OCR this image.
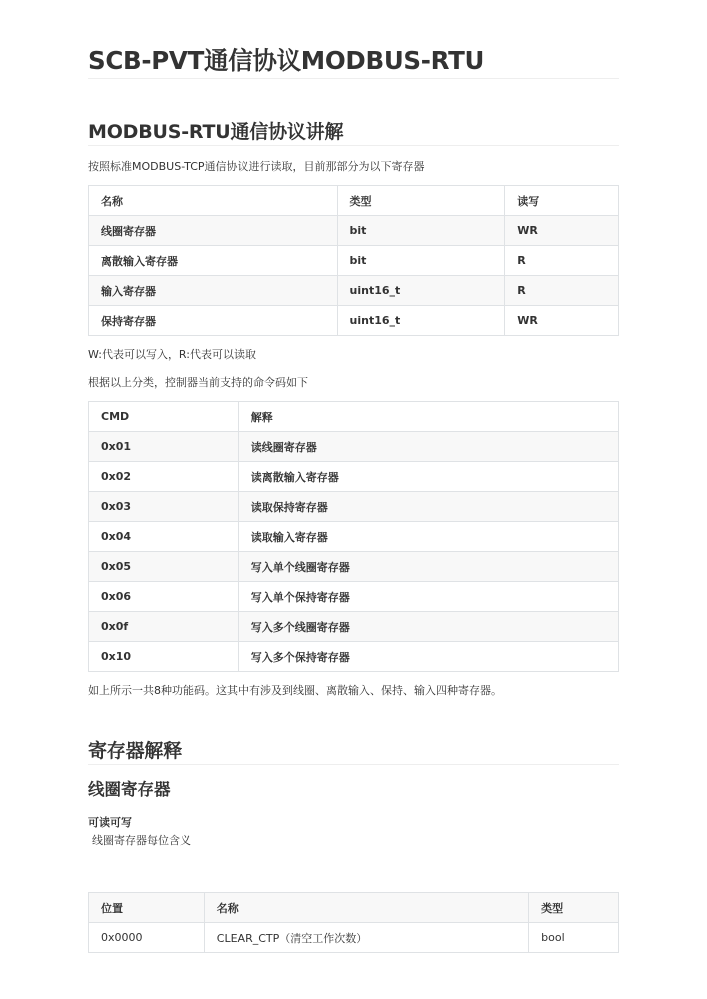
SCB-PVT通信协议MODBUS-RTU
MODBUS-RTU通信协议讲解

按照标准MODBUS-TCP通信协议进行读取，目前那部分为以下寄存器

名称	类型	读写
线圈寄存器	bit	WR
离散输入寄存器	bit	R
输入寄存器	uint16_t	R
保持寄存器	uint16_t	WR

W:代表可以写入，R:代表可以读取

根据以上分类，控制器当前支持的命令码如下

CMD	解释
0x01	读线圈寄存器
0x02	读离散输入寄存器
0x03	读取保持寄存器
0x04	读取输入寄存器
0x05	写入单个线圈寄存器
0x06	写入单个保持寄存器
0x0f	写入多个线圈寄存器
0x10	写入多个保持寄存器

如上所示一共8种功能码。这其中有涉及到线圈、离散输入、保持、输入四种寄存器。

寄存器解释
线圈寄存器

可读可写

线圈寄存器每位含义

位置	名称	类型
0x0000	CLEAR_CTP（清空工作次数）	bool
